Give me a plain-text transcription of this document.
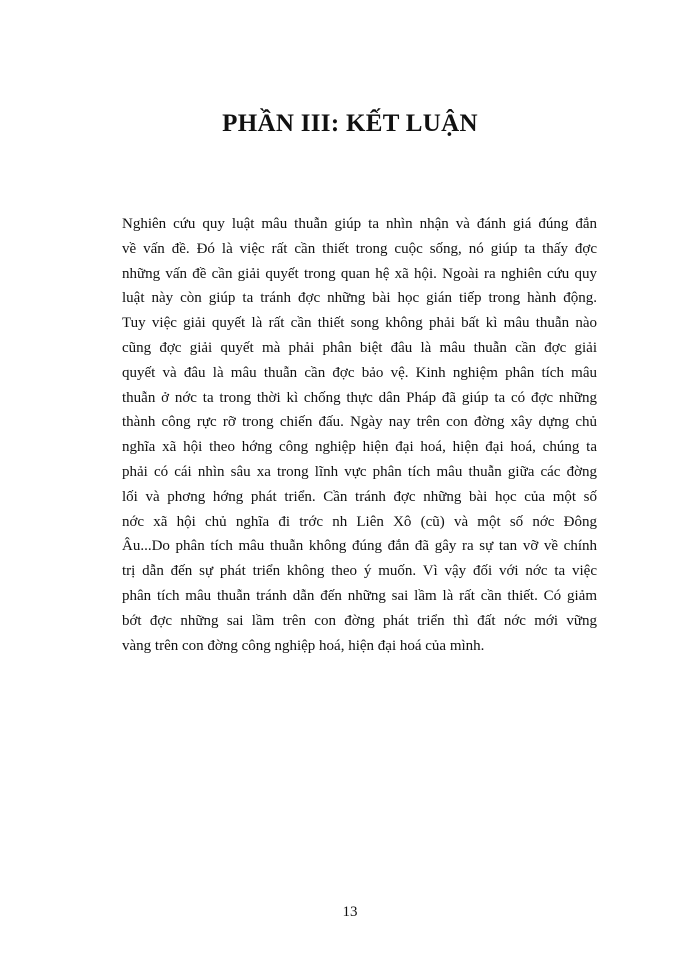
PHẦN III: KẾT LUẬN
Nghiên cứu quy luật mâu thuẫn giúp ta nhìn nhận và đánh giá đúng đắn
về vấn đề. Đó là việc rất cần thiết trong cuộc sống, nó giúp ta thấy đợc
những vấn đề cần giải quyết trong quan hệ xã hội. Ngoài ra nghiên cứu quy
luật này còn giúp ta tránh đợc những bài học gián tiếp trong hành động.
Tuy việc giải quyết là rất cần thiết song không phải bất kì mâu thuẫn nào
cũng đợc giải quyết mà phải phân biệt đâu là mâu thuẫn cần đợc giải
quyết và đâu là mâu thuẫn cần đợc bảo vệ. Kinh nghiệm phân tích mâu
thuẫn ở nớc ta trong thời kì chống thực dân Pháp đã giúp ta có đợc những
thành công rực rỡ trong chiến đấu. Ngày nay trên con đờng xây dựng chủ
nghĩa xã hội theo hớng công nghiệp hiện đại hoá, hiện đại hoá, chúng ta
phải có cái nhìn sâu xa trong lĩnh vực phân tích mâu thuẫn giữa các đờng
lối và phơng hớng phát triển. Cần tránh đợc những bài học của một số
nớc xã hội chủ nghĩa đi trớc nh Liên Xô (cũ) và một số nớc Đông
Âu...Do phân tích mâu thuẫn không đúng đắn đã gây ra sự tan vỡ về chính
trị dẫn đến sự phát triển không theo ý muốn. Vì vậy đối với nớc ta việc
phân tích mâu thuẫn tránh dẫn đến những sai lầm là rất cần thiết. Có giảm
bớt đợc những sai lầm trên con đờng phát triển thì đất nớc mới vững
vàng trên con đờng công nghiệp hoá, hiện đại hoá của mình.
13
